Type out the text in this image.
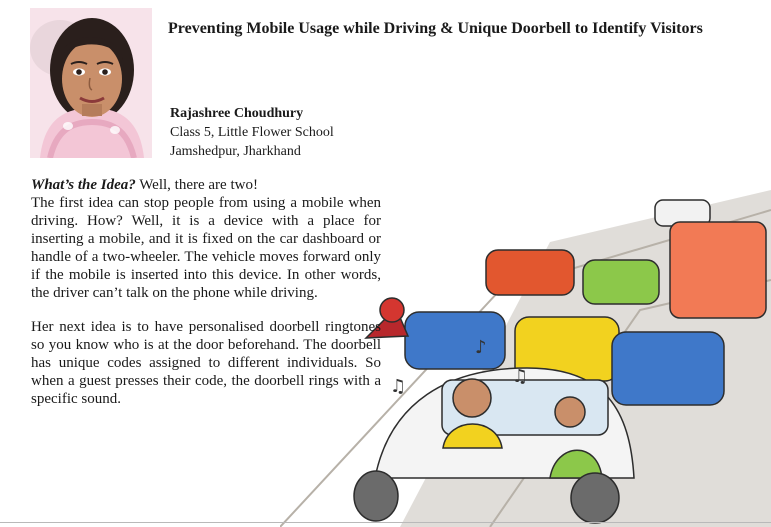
Preventing Mobile Usage while Driving & Unique Doorbell to Identify Visitors
Rajashree Choudhury
Class 5, Little Flower School
Jamshedpur, Jharkhand
♫	♫
♪

What’s the Idea? Well, there are two!
The first idea can stop people from using a mobile when driving. How? Well, it is a device with a place for inserting a mobile, and it is fixed on the car dashboard or handle of a two-wheeler. The vehicle moves forward only if the mobile is inserted into this device. In other words, the driver can’t talk on the phone while driving.

Her next idea is to have personalised doorbell ringtones so you know who is at the door beforehand. The doorbell has unique codes assigned to different individuals. So when a guest presses their code, the doorbell rings with a specific sound.
